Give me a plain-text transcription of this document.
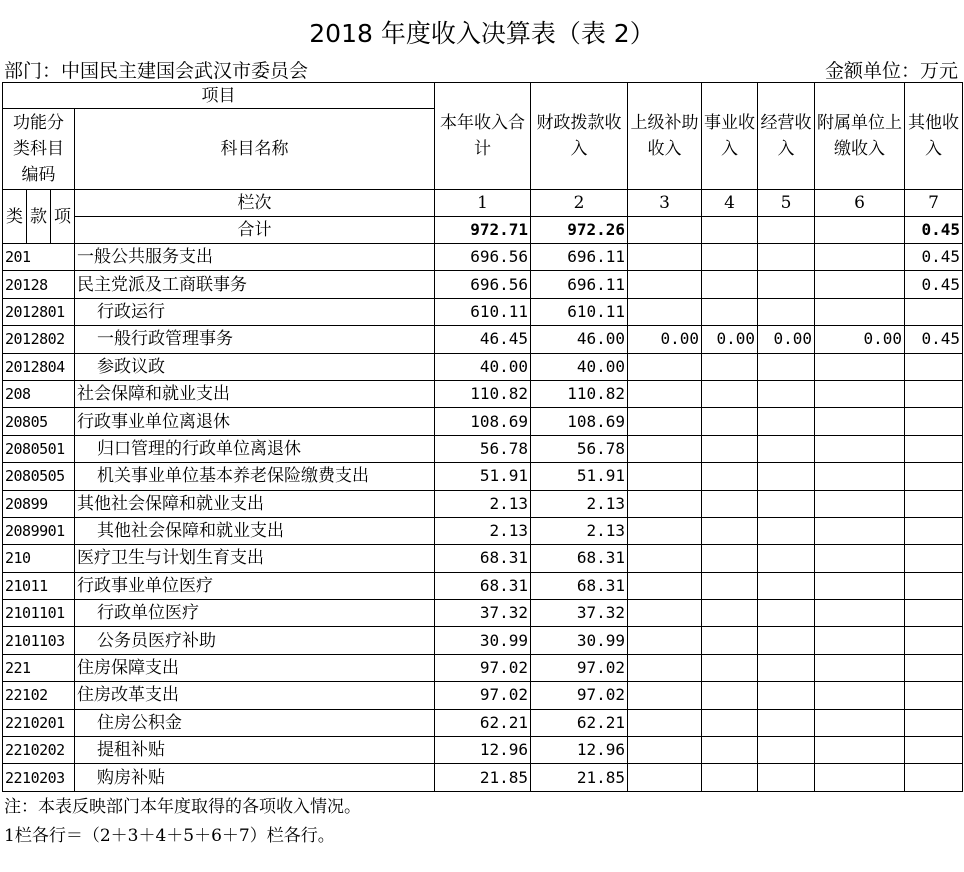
2018 年度收入决算表（表 2）
部门：中国民主建国会武汉市委员会	金额单位：万元
项目				本年收入合计	财政拨款收入	上级补助收入	事业收入	经营收入	附属单位上缴收入	其他收入
功能分类科目编码			科目名称							
类	款	项	栏次	1	2	3	4	5	6	7
			合计	972.71	972.26					0.45
201			一般公共服务支出	696.56	696.11					0.45
20128			民主党派及工商联事务	696.56	696.11					0.45
2012801			行政运行	610.11	610.11					
2012802			一般行政管理事务	46.45	46.00	0.00	0.00	0.00	0.00	0.45
2012804			参政议政	40.00	40.00					
208			社会保障和就业支出	110.82	110.82					
20805			行政事业单位离退休	108.69	108.69					
2080501			归口管理的行政单位离退休	56.78	56.78					
2080505			机关事业单位基本养老保险缴费支出	51.91	51.91					
20899			其他社会保障和就业支出	2.13	2.13					
2089901			其他社会保障和就业支出	2.13	2.13					
210			医疗卫生与计划生育支出	68.31	68.31					
21011			行政事业单位医疗	68.31	68.31					
2101101			行政单位医疗	37.32	37.32					
2101103			公务员医疗补助	30.99	30.99					
221			住房保障支出	97.02	97.02					
22102			住房改革支出	97.02	97.02					
2210201			住房公积金	62.21	62.21					
2210202			提租补贴	12.96	12.96					
2210203			购房补贴	21.85	21.85					
注：本表反映部门本年度取得的各项收入情况。
1栏各行＝（2＋3＋4＋5＋6＋7）栏各行。
